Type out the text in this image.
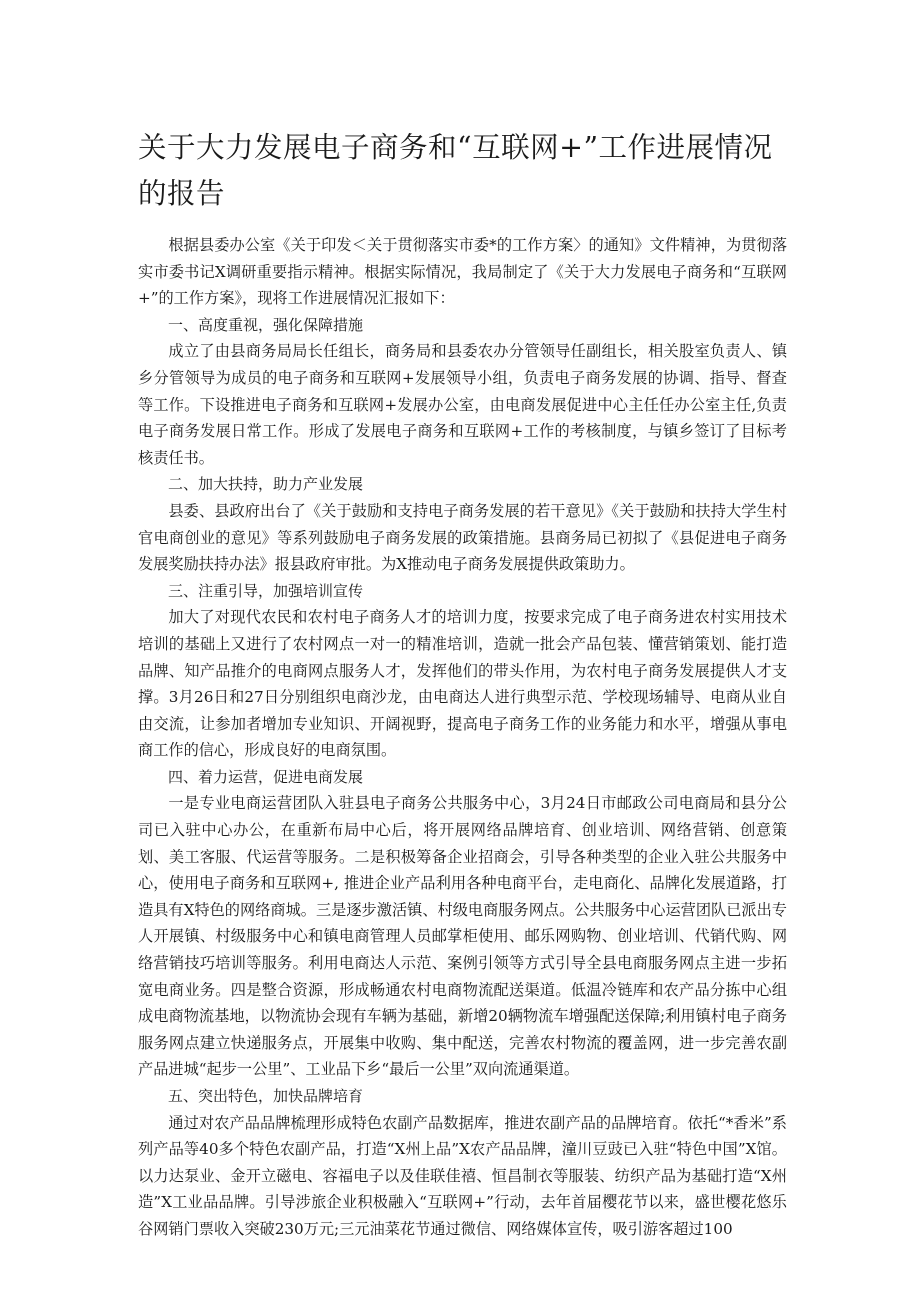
关于大力发展电子商务和“互联网+”工作进展情况的报告

根据县委办公室《关于印发＜关于贯彻落实市委*的工作方案〉的通知》文件精神，为贯彻落实市委书记X调研重要指示精神。根据实际情况，我局制定了《关于大力发展电子商务和“互联网+”的工作方案》，现将工作进展情况汇报如下：

一、高度重视，强化保障措施

成立了由县商务局局长任组长，商务局和县委农办分管领导任副组长，相关股室负责人、镇乡分管领导为成员的电子商务和互联网+发展领导小组，负责电子商务发展的协调、指导、督查等工作。下设推进电子商务和互联网+发展办公室，由电商发展促进中心主任任办公室主任,负责电子商务发展日常工作。形成了发展电子商务和互联网+工作的考核制度，与镇乡签订了目标考核责任书。

二、加大扶持，助力产业发展

县委、县政府出台了《关于鼓励和支持电子商务发展的若干意见》《关于鼓励和扶持大学生村官电商创业的意见》等系列鼓励电子商务发展的政策措施。县商务局已初拟了《县促进电子商务发展奖励扶持办法》报县政府审批。为X推动电子商务发展提供政策助力。

三、注重引导，加强培训宣传

加大了对现代农民和农村电子商务人才的培训力度，按要求完成了电子商务进农村实用技术培训的基础上又进行了农村网点一对一的精准培训，造就一批会产品包装、懂营销策划、能打造品牌、知产品推介的电商网点服务人才，发挥他们的带头作用，为农村电子商务发展提供人才支撑。3月26日和27日分别组织电商沙龙，由电商达人进行典型示范、学校现场辅导、电商从业自由交流，让参加者增加专业知识、开阔视野，提高电子商务工作的业务能力和水平，增强从事电商工作的信心，形成良好的电商氛围。

四、着力运营，促进电商发展

一是专业电商运营团队入驻县电子商务公共服务中心，3月24日市邮政公司电商局和县分公司已入驻中心办公，在重新布局中心后，将开展网络品牌培育、创业培训、网络营销、创意策划、美工客服、代运营等服务。二是积极筹备企业招商会，引导各种类型的企业入驻公共服务中心，使用电子商务和互联网+, 推进企业产品利用各种电商平台，走电商化、品牌化发展道路，打造具有X特色的网络商城。三是逐步激活镇、村级电商服务网点。公共服务中心运营团队已派出专人开展镇、村级服务中心和镇电商管理人员邮掌柜使用、邮乐网购物、创业培训、代销代购、网络营销技巧培训等服务。利用电商达人示范、案例引领等方式引导全县电商服务网点主进一步拓宽电商业务。四是整合资源，形成畅通农村电商物流配送渠道。低温冷链库和农产品分拣中心组成电商物流基地，以物流协会现有车辆为基础，新增20辆物流车增强配送保障;利用镇村电子商务服务网点建立快递服务点，开展集中收购、集中配送，完善农村物流的覆盖网，进一步完善农副产品进城“起步一公里”、工业品下乡“最后一公里”双向流通渠道。

五、突出特色，加快品牌培育

通过对农产品品牌梳理形成特色农副产品数据库，推进农副产品的品牌培育。依托“*香米”系列产品等40多个特色农副产品，打造“X州上品”X农产品品牌，潼川豆豉已入驻“特色中国”X馆。以力达泵业、金开立磁电、容福电子以及佳联佳禧、恒昌制衣等服装、纺织产品为基础打造“X州造”X工业品品牌。引导涉旅企业积极融入“互联网+”行动，去年首届樱花节以来，盛世樱花悠乐谷网销门票收入突破230万元;三元油菜花节通过微信、网络媒体宣传，吸引游客超过100
